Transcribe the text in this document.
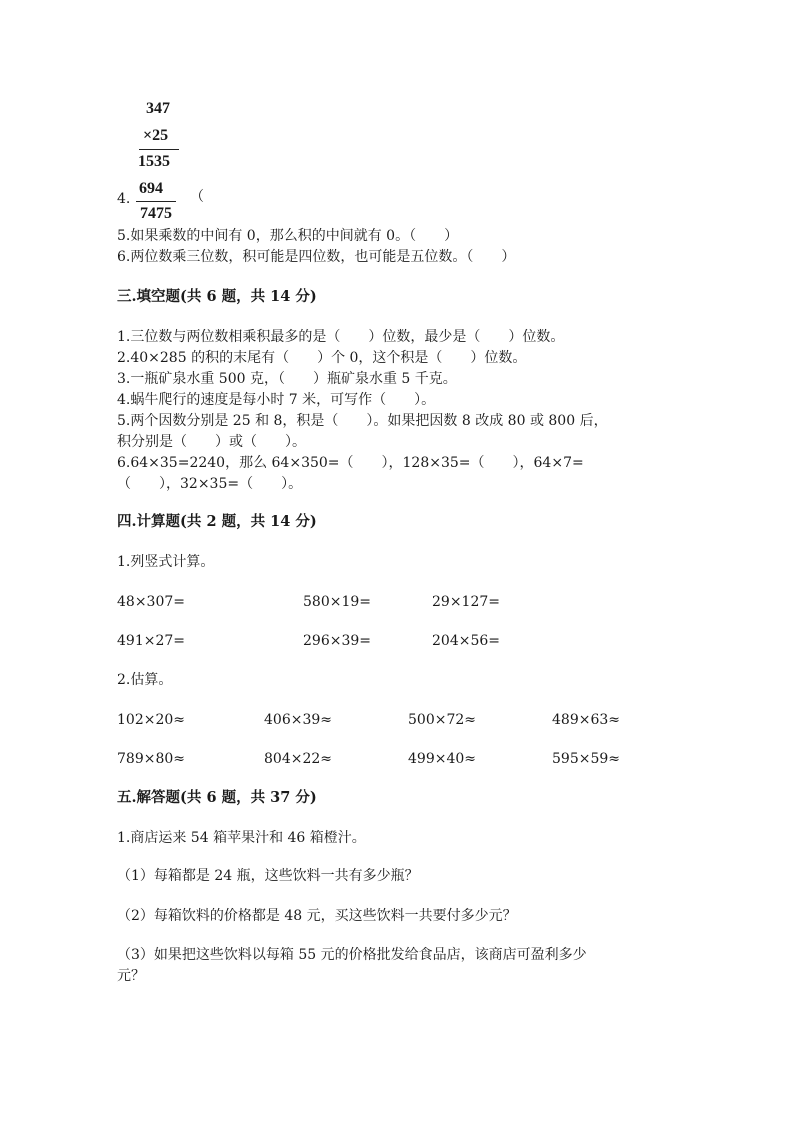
347
×25
1535
4.
694
7475
（
5.如果乘数的中间有 0，那么积的中间就有 0。（　　）
6.两位数乘三位数，积可能是四位数，也可能是五位数。（　　）
三.填空题(共 6 题，共 14 分)
1.三位数与两位数相乘积最多的是（　　）位数，最少是（　　）位数。
2.40×285 的积的末尾有（　　）个 0，这个积是（　　）位数。
3.一瓶矿泉水重 500 克，（　　）瓶矿泉水重 5 千克。
4.蜗牛爬行的速度是每小时 7 米，可写作（　　）。
5.两个因数分别是 25 和 8，积是（　　）。如果把因数 8 改成 80 或 800 后，
积分别是（　　）或（　　）。
6.64×35=2240，那么 64×350=（　　），128×35=（　　），64×7=
（　　），32×35=（　　）。
四.计算题(共 2 题，共 14 分)
1.列竖式计算。
48×307=	580×19=	29×127=
491×27=	296×39=	204×56=
2.估算。
102×20≈	406×39≈	500×72≈	489×63≈
789×80≈	804×22≈	499×40≈	595×59≈
五.解答题(共 6 题，共 37 分)
1.商店运来 54 箱苹果汁和 46 箱橙汁。
（1）每箱都是 24 瓶，这些饮料一共有多少瓶？
（2）每箱饮料的价格都是 48 元，买这些饮料一共要付多少元？
（3）如果把这些饮料以每箱 55 元的价格批发给食品店，该商店可盈利多少
元？
